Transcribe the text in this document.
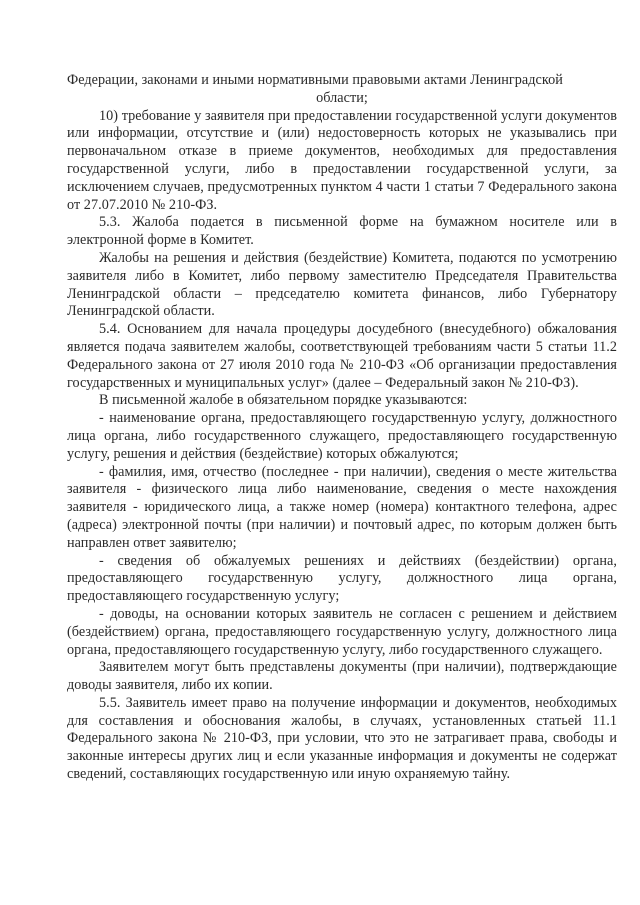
Федерации, законами и иными нормативными правовыми актами Ленинградской

области;

10) требование у заявителя при предоставлении государственной услуги документов или информации, отсутствие и (или) недостоверность которых не указывались при первоначальном отказе в приеме документов, необходимых для предоставления государственной услуги, либо в предоставлении государственной услуги, за исключением случаев, предусмотренных пунктом 4 части 1 статьи 7 Федерального закона от 27.07.2010 № 210-ФЗ.

5.3. Жалоба подается в письменной форме на бумажном носителе или в электронной форме в Комитет.

Жалобы на решения и действия (бездействие) Комитета, подаются по усмотрению заявителя либо в Комитет, либо первому заместителю Председателя Правительства Ленинградской области – председателю комитета финансов, либо Губернатору Ленинградской области.

5.4. Основанием для начала процедуры досудебного (внесудебного) обжалования является подача заявителем жалобы, соответствующей требованиям части 5 статьи 11.2 Федерального закона от 27 июля 2010 года № 210-ФЗ «Об организации предоставления государственных и муниципальных услуг» (далее – Федеральный закон № 210-ФЗ).

В письменной жалобе в обязательном порядке указываются:

- наименование органа, предоставляющего государственную услугу, должностного лица органа, либо государственного служащего, предоставляющего государственную услугу, решения и действия (бездействие) которых обжалуются;

- фамилия, имя, отчество (последнее - при наличии), сведения о месте жительства заявителя - физического лица либо наименование, сведения о месте нахождения заявителя - юридического лица, а также номер (номера) контактного телефона, адрес (адреса) электронной почты (при наличии) и почтовый адрес, по которым должен быть направлен ответ заявителю;

- сведения об обжалуемых решениях и действиях (бездействии) органа, предоставляющего государственную услугу, должностного лица органа, предоставляющего государственную услугу;

- доводы, на основании которых заявитель не согласен с решением и действием (бездействием) органа, предоставляющего государственную услугу, должностного лица органа, предоставляющего государственную услугу, либо государственного служащего.

Заявителем могут быть представлены документы (при наличии), подтверждающие доводы заявителя, либо их копии.

5.5. Заявитель имеет право на получение информации и документов, необходимых для составления и обоснования жалобы, в случаях, установленных статьей 11.1 Федерального закона № 210-ФЗ, при условии, что это не затрагивает права, свободы и законные интересы других лиц и если указанные информация и документы не содержат сведений, составляющих государственную или иную охраняемую тайну.
